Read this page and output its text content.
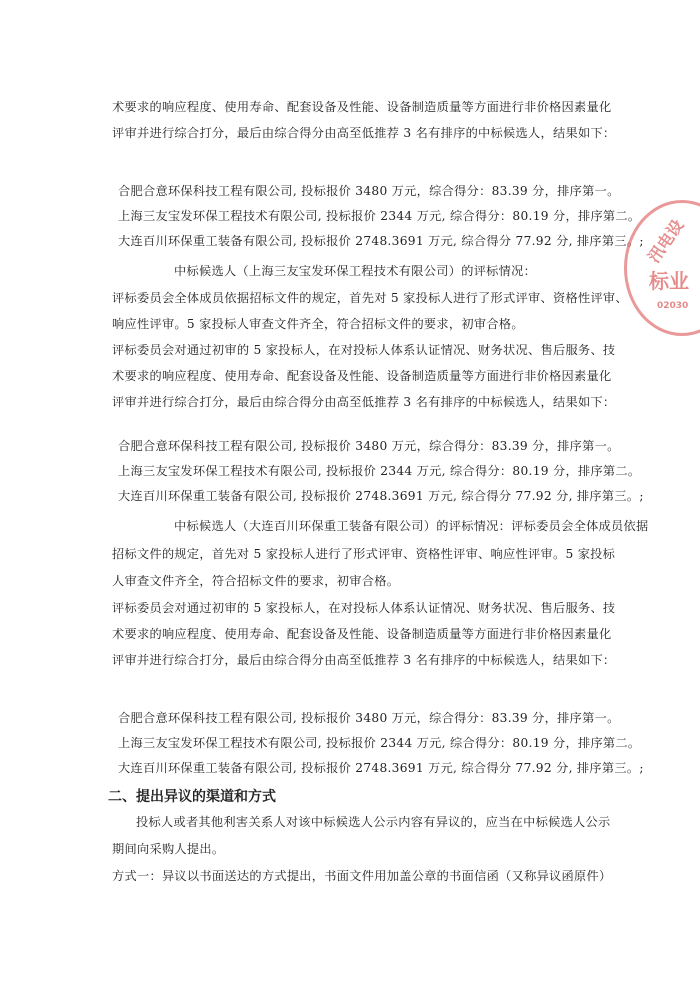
术要求的响应程度、使用寿命、配套设备及性能、设备制造质量等方面进行非价格因素量化
评审并进行综合打分，最后由综合得分由高至低推荐 3 名有排序的中标候选人，结果如下：
合肥合意环保科技工程有限公司, 投标报价 3480 万元，综合得分：83.39 分，排序第一。
上海三友宝发环保工程技术有限公司, 投标报价 2344 万元, 综合得分：80.19 分，排序第二。
大连百川环保重工装备有限公司, 投标报价 2748.3691 万元, 综合得分 77.92 分, 排序第三。;
中标候选人（上海三友宝发环保工程技术有限公司）的评标情况：
评标委员会全体成员依据招标文件的规定，首先对 5 家投标人进行了形式评审、资格性评审、
响应性评审。5 家投标人审查文件齐全，符合招标文件的要求，初审合格。
评标委员会对通过初审的 5 家投标人，在对投标人体系认证情况、财务状况、售后服务、技
术要求的响应程度、使用寿命、配套设备及性能、设备制造质量等方面进行非价格因素量化
评审并进行综合打分，最后由综合得分由高至低推荐 3 名有排序的中标候选人，结果如下：
合肥合意环保科技工程有限公司, 投标报价 3480 万元，综合得分：83.39 分，排序第一。
上海三友宝发环保工程技术有限公司, 投标报价 2344 万元, 综合得分：80.19 分，排序第二。
大连百川环保重工装备有限公司, 投标报价 2748.3691 万元, 综合得分 77.92 分, 排序第三。;
中标候选人（大连百川环保重工装备有限公司）的评标情况：评标委员会全体成员依据
招标文件的规定，首先对 5 家投标人进行了形式评审、资格性评审、响应性评审。5 家投标
人审查文件齐全，符合招标文件的要求，初审合格。
评标委员会对通过初审的 5 家投标人，在对投标人体系认证情况、财务状况、售后服务、技
术要求的响应程度、使用寿命、配套设备及性能、设备制造质量等方面进行非价格因素量化
评审并进行综合打分，最后由综合得分由高至低推荐 3 名有排序的中标候选人，结果如下：
合肥合意环保科技工程有限公司, 投标报价 3480 万元，综合得分：83.39 分，排序第一。
上海三友宝发环保工程技术有限公司, 投标报价 2344 万元, 综合得分：80.19 分，排序第二。
大连百川环保重工装备有限公司, 投标报价 2748.3691 万元, 综合得分 77.92 分, 排序第三。;
二、提出异议的渠道和方式
投标人或者其他利害关系人对该中标候选人公示内容有异议的，应当在中标候选人公示
期间向采购人提出。
方式一：异议以书面送达的方式提出，书面文件用加盖公章的书面信函（又称异议函原件）
汛电设
标业
02030
